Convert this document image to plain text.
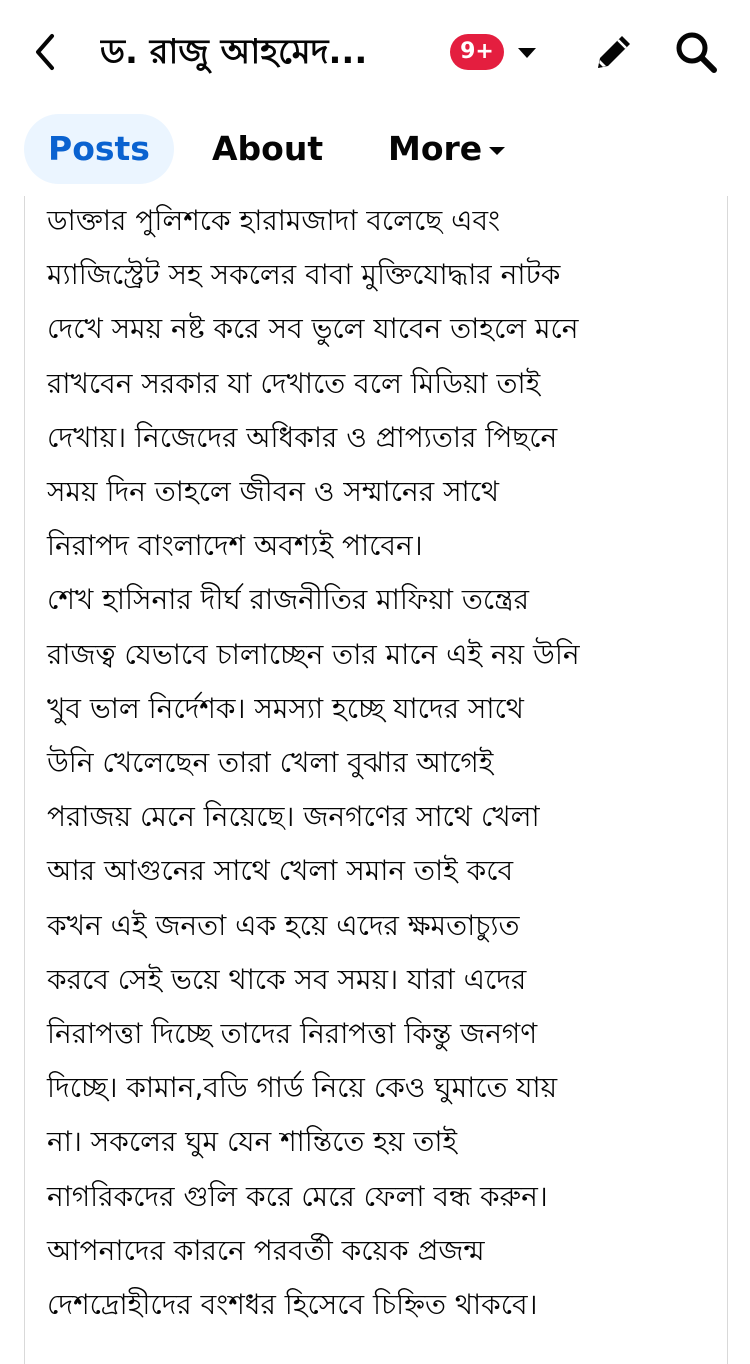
ড. রাজু আহমেদ...	9+
Posts	About	More
ডাক্তার পুলিশকে হারামজাদা বলেছে এবং
ম্যাজিস্ট্রেট সহ সকলের বাবা মুক্তিযোদ্ধার নাটক
দেখে সময় নষ্ট করে সব ভুলে যাবেন তাহলে মনে
রাখবেন সরকার যা দেখাতে বলে মিডিয়া তাই
দেখায়। নিজেদের অধিকার ও প্রাপ্যতার পিছনে
সময় দিন তাহলে জীবন ও সম্মানের সাথে
নিরাপদ বাংলাদেশ অবশ্যই পাবেন।
শেখ হাসিনার দীর্ঘ রাজনীতির মাফিয়া তন্ত্রের
রাজত্ব যেভাবে চালাচ্ছেন তার মানে এই নয় উনি
খুব ভাল নির্দেশক। সমস্যা হচ্ছে যাদের সাথে
উনি খেলেছেন তারা খেলা বুঝার আগেই
পরাজয় মেনে নিয়েছে। জনগণের সাথে খেলা
আর আগুনের সাথে খেলা সমান তাই কবে
কখন এই জনতা এক হয়ে এদের ক্ষমতাচ্যুত
করবে সেই ভয়ে থাকে সব সময়। যারা এদের
নিরাপত্তা দিচ্ছে তাদের নিরাপত্তা কিন্তু জনগণ
দিচ্ছে। কামান,বডি গার্ড নিয়ে কেও ঘুমাতে যায়
না। সকলের ঘুম যেন শান্তিতে হয় তাই
নাগরিকদের গুলি করে মেরে ফেলা বন্ধ করুন।
আপনাদের কারনে পরবর্তী কয়েক প্রজন্ম
দেশদ্রোহীদের বংশধর হিসেবে চিহ্নিত থাকবে।
